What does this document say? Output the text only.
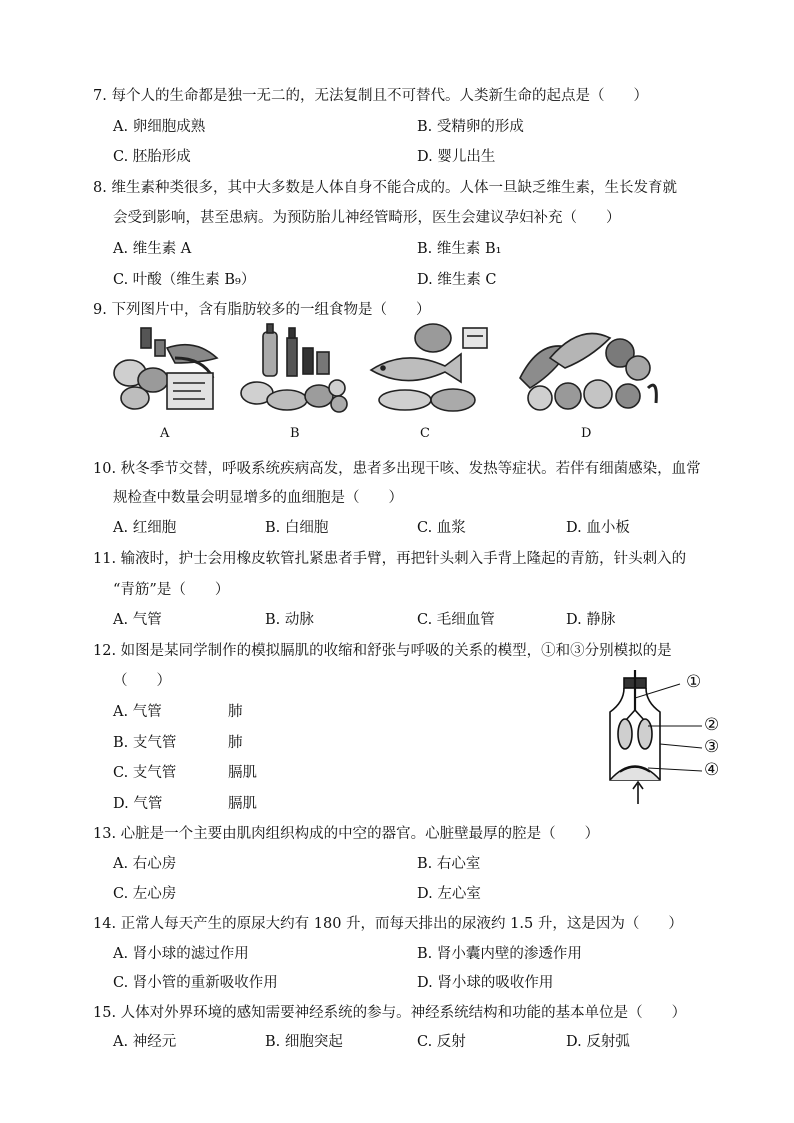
7. 每个人的生命都是独一无二的，无法复制且不可替代。人类新生命的起点是（　　）
A. 卵细胞成熟	B. 受精卵的形成
C. 胚胎形成	D. 婴儿出生
8. 维生素种类很多，其中大多数是人体自身不能合成的。人体一旦缺乏维生素，生长发育就
会受到影响，甚至患病。为预防胎儿神经管畸形，医生会建议孕妇补充（　　）
A. 维生素 A	B. 维生素 B₁
C. 叶酸（维生素 B₉）	D. 维生素 C
9. 下列图片中，含有脂肪较多的一组食物是（　　）
A	B	C	D
10. 秋冬季节交替，呼吸系统疾病高发，患者多出现干咳、发热等症状。若伴有细菌感染，血常
规检查中数量会明显增多的血细胞是（　　）
A. 红细胞	B. 白细胞	C. 血浆	D. 血小板
11. 输液时，护士会用橡皮软管扎紧患者手臂，再把针头刺入手背上隆起的青筋，针头刺入的
“青筋”是（　　）
A. 气管	B. 动脉	C. 毛细血管	D. 静脉
12. 如图是某同学制作的模拟膈肌的收缩和舒张与呼吸的关系的模型，①和③分别模拟的是
（　　）
A. 气管	肺
B. 支气管	肺
C. 支气管	膈肌
D. 气管	膈肌
①
②
③
④
13. 心脏是一个主要由肌肉组织构成的中空的器官。心脏壁最厚的腔是（　　）
A. 右心房	B. 右心室
C. 左心房	D. 左心室
14. 正常人每天产生的原尿大约有 180 升，而每天排出的尿液约 1.5 升，这是因为（　　）
A. 肾小球的滤过作用	B. 肾小囊内壁的渗透作用
C. 肾小管的重新吸收作用	D. 肾小球的吸收作用
15. 人体对外界环境的感知需要神经系统的参与。神经系统结构和功能的基本单位是（　　）
A. 神经元	B. 细胞突起	C. 反射	D. 反射弧
